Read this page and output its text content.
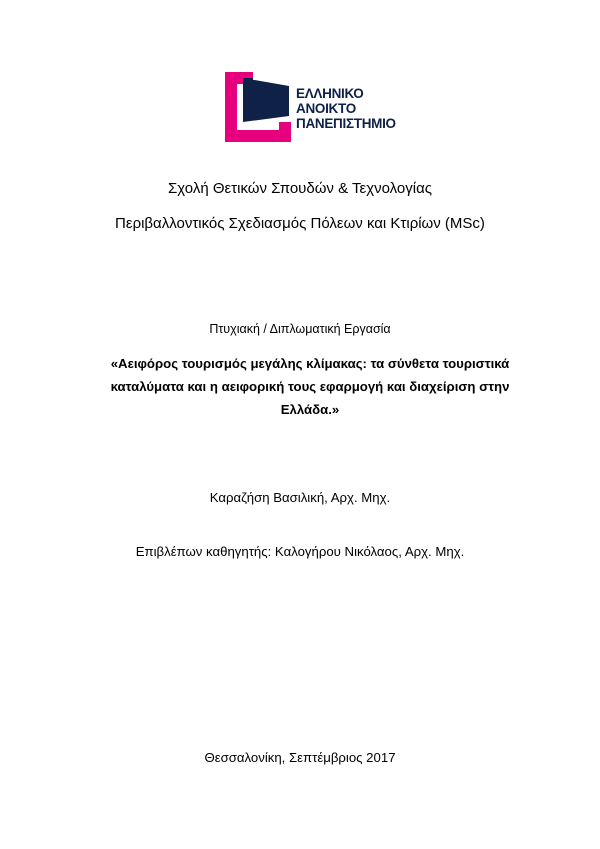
ΕΛΛΗΝΙΚΟ
ΑΝΟΙΚΤΟ
ΠΑΝΕΠΙΣΤΗΜΙΟ
Σχολή Θετικών Σπουδών & Τεχνολογίας
Περιβαλλοντικός Σχεδιασμός Πόλεων και Κτιρίων (MSc)
Πτυχιακή / Διπλωματική Εργασία
«Αειφόρος τουρισμός μεγάλης κλίμακας: τα σύνθετα τουριστικά
καταλύματα και η αειφορική τους εφαρμογή και διαχείριση στην
Ελλάδα.»
Καραζήση Βασιλική, Αρχ. Μηχ.
Επιβλέπων καθηγητής: Καλογήρου Νικόλαος, Αρχ. Μηχ.
Θεσσαλονίκη, Σεπτέμβριος 2017
